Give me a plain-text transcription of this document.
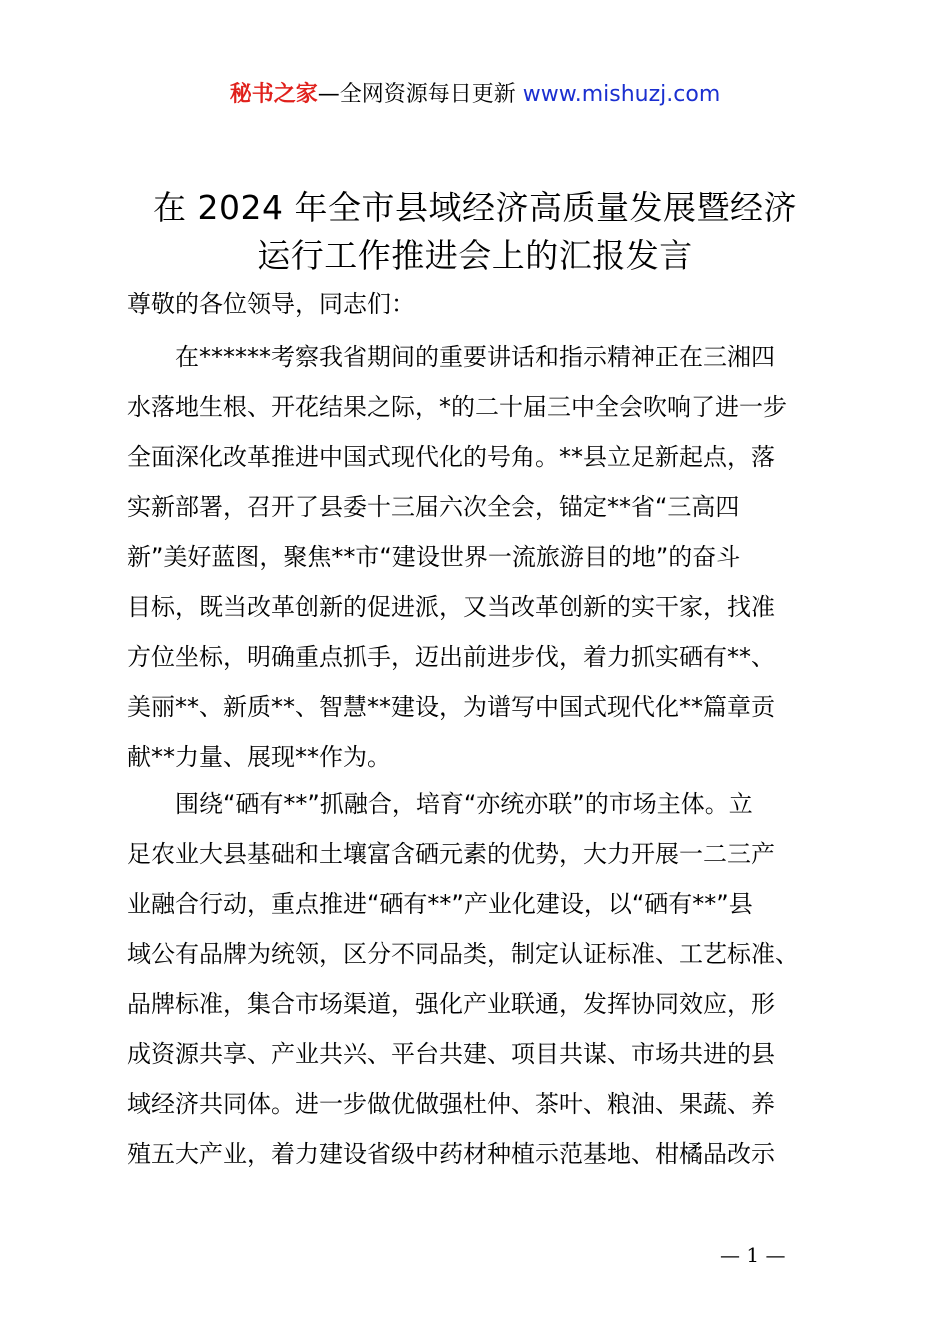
秘书之家—全网资源每日更新 www.mishuzj.com
在 2024 年全市县域经济高质量发展暨经济
运行工作推进会上的汇报发言
尊敬的各位领导，同志们：
　　在******考察我省期间的重要讲话和指示精神正在三湘四
水落地生根、开花结果之际，*的二十届三中全会吹响了进一步
全面深化改革推进中国式现代化的号角。**县立足新起点，落
实新部署，召开了县委十三届六次全会，锚定**省“三高四
新”美好蓝图，聚焦**市“建设世界一流旅游目的地”的奋斗
目标，既当改革创新的促进派，又当改革创新的实干家，找准
方位坐标，明确重点抓手，迈出前进步伐，着力抓实硒有**、
美丽**、新质**、智慧**建设，为谱写中国式现代化**篇章贡
献**力量、展现**作为。
　　围绕“硒有**”抓融合，培育“亦统亦联”的市场主体。立
足农业大县基础和土壤富含硒元素的优势，大力开展一二三产
业融合行动，重点推进“硒有**”产业化建设，以“硒有**”县
域公有品牌为统领，区分不同品类，制定认证标准、工艺标准、
品牌标准，集合市场渠道，强化产业联通，发挥协同效应，形
成资源共享、产业共兴、平台共建、项目共谋、市场共进的县
域经济共同体。进一步做优做强杜仲、茶叶、粮油、果蔬、养
殖五大产业，着力建设省级中药材种植示范基地、柑橘品改示
— 1 —
